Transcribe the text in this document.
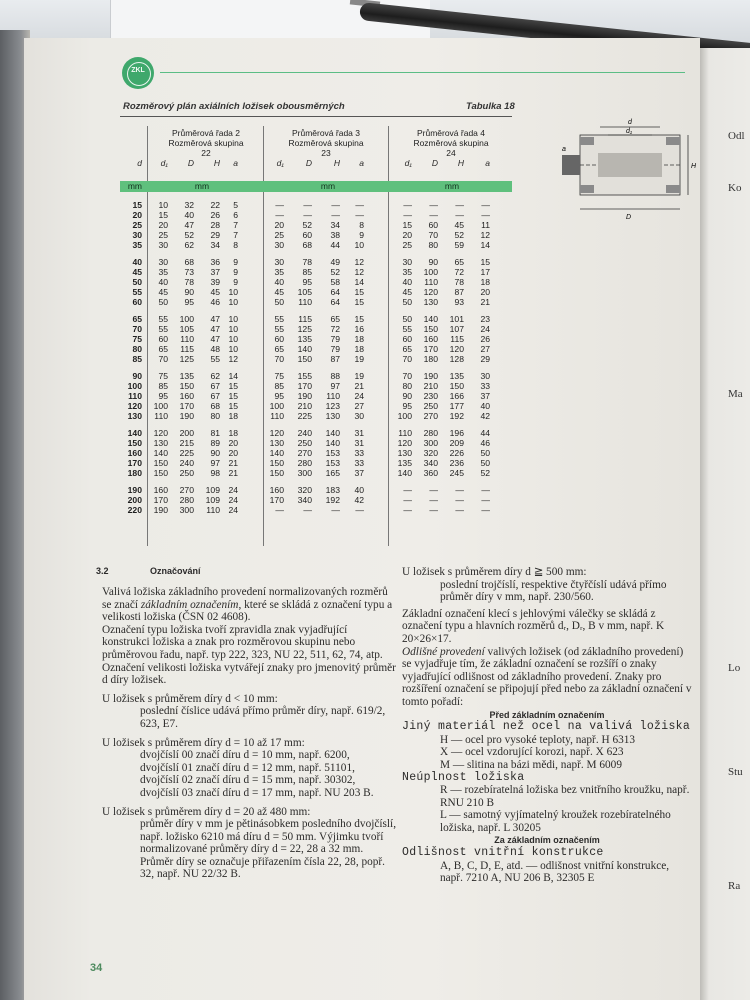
Odl
Ko
Ma
Lo
Stu
Ra
ZKL
Rozměrový plán axiálních ložisek obousměrných	Tabulka 18
Průměrová řada 2
Rozměrová skupina
22
Průměrová řada 3
Rozměrová skupina
23
Průměrová řada 4
Rozměrová skupina
24
d	d₁	D	H	a	d₁	D	H	a	d₁	D	H	a
mm	mm	mm	mm
15	10	32	22	5	—	—	—	—	—	—	—	—
20	15	40	26	6	—	—	—	—	—	—	—	—
25	20	47	28	7	20	52	34	8	15	60	45	11
30	25	52	29	7	25	60	38	9	20	70	52	12
35	30	62	34	8	30	68	44	10	25	80	59	14
40	30	68	36	9	30	78	49	12	30	90	65	15
45	35	73	37	9	35	85	52	12	35	100	72	17
50	40	78	39	9	40	95	58	14	40	110	78	18
55	45	90	45 10	45	105	64	15	45	120	87	20
60	50	95	46 10	50	110	64	15	50	130	93	21
65	55	100	47 10	55	115	65	15	50	140	101	23
70	55	105	47 10	55	125	72	16	55	150	107	24
75	60	110	47 10	60	135	79	18	60	160	115	26
80	65	115	48 10	65	140	79	18	65	170	120	27
85	70	125	55 12	70	150	87	19	70	180	128	29
90	75	135	62 14	75	155	88	19	70	190	135	30
100	85	150	67 15	85	170	97	21	80	210	150	33
110	95	160	67 15	95	190	110	24	90	230	166	37
120	100	170	68 15	100	210	123	27	95	250	177	40
130	110	190	80 18	110	225	130	30	100	270	192	42
140	120	200	81 18	120	240	140	31	110	280	196	44
150	130	215	89 20	130	250	140	31	120	300	209	46
160	140	225	90 20	140	270	153	33	130	320	226	50
170	150	240	97 21	150	280	153	33	135	340	236	50
180	150	250	98 21	150	300	165	37	140	360	245	52
190	160	270	109 24	160	320	183	40	—	—	—	—
200	170	280	109 24	170	340	192	42	—	—	—	—
220	190	300	110 24	—	—	—	—	—	—	—	—
d
d₁
D
H
a
3.2	Označování

Valivá ložiska základního provedení normalizovaných rozměrů se značí základním označením, které se skládá z označení typu a velikosti ložiska (ČSN 02 4608).

Označení typu ložiska tvoří zpravidla znak vyjadřující konstrukci ložiska a znak pro rozměrovou skupinu nebo průměrovou řadu, např. typ 222, 323, NU 22, 511, 62, 74, atp.

Označení velikosti ložiska vytvářejí znaky pro jmenovitý průměr d díry ložisek.

U ložisek s průměrem díry d < 10 mm:

poslední číslice udává přímo průměr díry, např. 619/2, 623, E7.

U ložisek s průměrem díry d = 10 až 17 mm:

dvojčíslí 00 značí díru d = 10 mm, např. 6200,

dvojčíslí 01 značí díru d = 12 mm, např. 51101,

dvojčíslí 02 značí díru d = 15 mm, např. 30302,

dvojčíslí 03 značí díru d = 17 mm, např. NU 203 B.

U ložisek s průměrem díry d = 20 až 480 mm:

průměr díry v mm je pětinásobkem posledního dvojčíslí, např. ložisko 6210 má díru d = 50 mm. Výjimku tvoří normalizované průměry díry d = 22, 28 a 32 mm. Průměr díry se označuje přiřazením čísla 22, 28, popř. 32, např. NU 22/32 B.

U ložisek s průměrem díry d ≧ 500 mm:

poslední trojčíslí, respektive čtyřčíslí udává přímo průměr díry v mm, např. 230/560.

Základní označení klecí s jehlovými válečky se skládá z označení typu a hlavních rozměrů dᵣ, Dᵣ, B v mm, např. K 20×26×17.

Odlišné provedení valivých ložisek (od základního provedení) se vyjadřuje tím, že základní označení se rozšíří o znaky vyjadřující odlišnost od základního provedení. Znaky pro rozšíření označení se připojují před nebo za základní označení v tomto pořadí:

Před základním označením

Jiný materiál než ocel na valivá ložiska

H — ocel pro vysoké teploty, např. H 6313

X — ocel vzdorující korozi, např. X 623

M — slitina na bázi mědi, např. M 6009

Neúplnost ložiska

R — rozebíratelná ložiska bez vnitřního kroužku, např. RNU 210 B

L — samotný vyjímatelný kroužek rozebíratelného ložiska, např. L 30205

Za základním označením

Odlišnost vnitřní konstrukce

A, B, C, D, E, atd. — odlišnost vnitřní konstrukce, např. 7210 A, NU 206 B, 32305 E

34
